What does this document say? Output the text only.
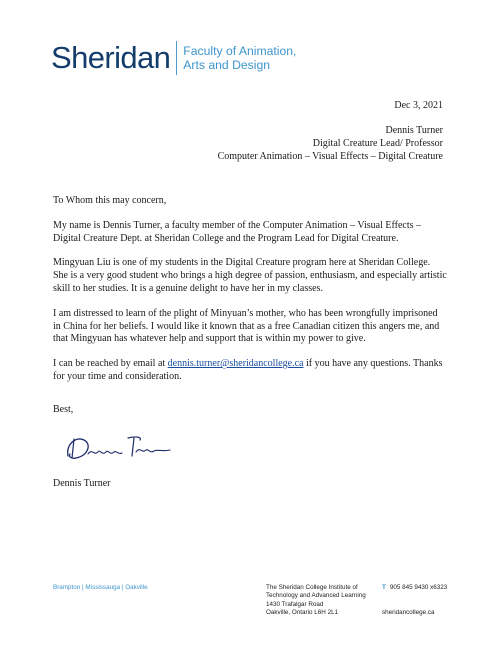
Sheridan Faculty of Animation,
Arts and Design
Dec 3, 2021
Dennis Turner
Digital Creature Lead/ Professor
Computer Animation – Visual Effects – Digital Creature

To Whom this may concern,

My name is Dennis Turner, a faculty member of the Computer Animation – Visual Effects – Digital Creature Dept. at Sheridan College and the Program Lead for Digital Creature.

Mingyuan Liu is one of my students in the Digital Creature program here at Sheridan College. She is a very good student who brings a high degree of passion, enthusiasm, and especially artistic skill to her studies. It is a genuine delight to have her in my classes.

I am distressed to learn of the plight of Minyuan’s mother, who has been wrongfully imprisoned in China for her beliefs. I would like it known that as a free Canadian citizen this angers me, and that Mingyuan has whatever help and support that is within my power to give.

I can be reached by email at dennis.turner@sheridancollege.ca if you have any questions. Thanks for your time and consideration.

Best,
Dennis Turner
Brampton | Mississauga | Oakville	The Sheridan College Institute of
Technology and Advanced Learning
1430 Trafalgar Road
Oakville, Ontario L6H 2L1
T 905 845 9430 x6323
sheridancollege.ca
